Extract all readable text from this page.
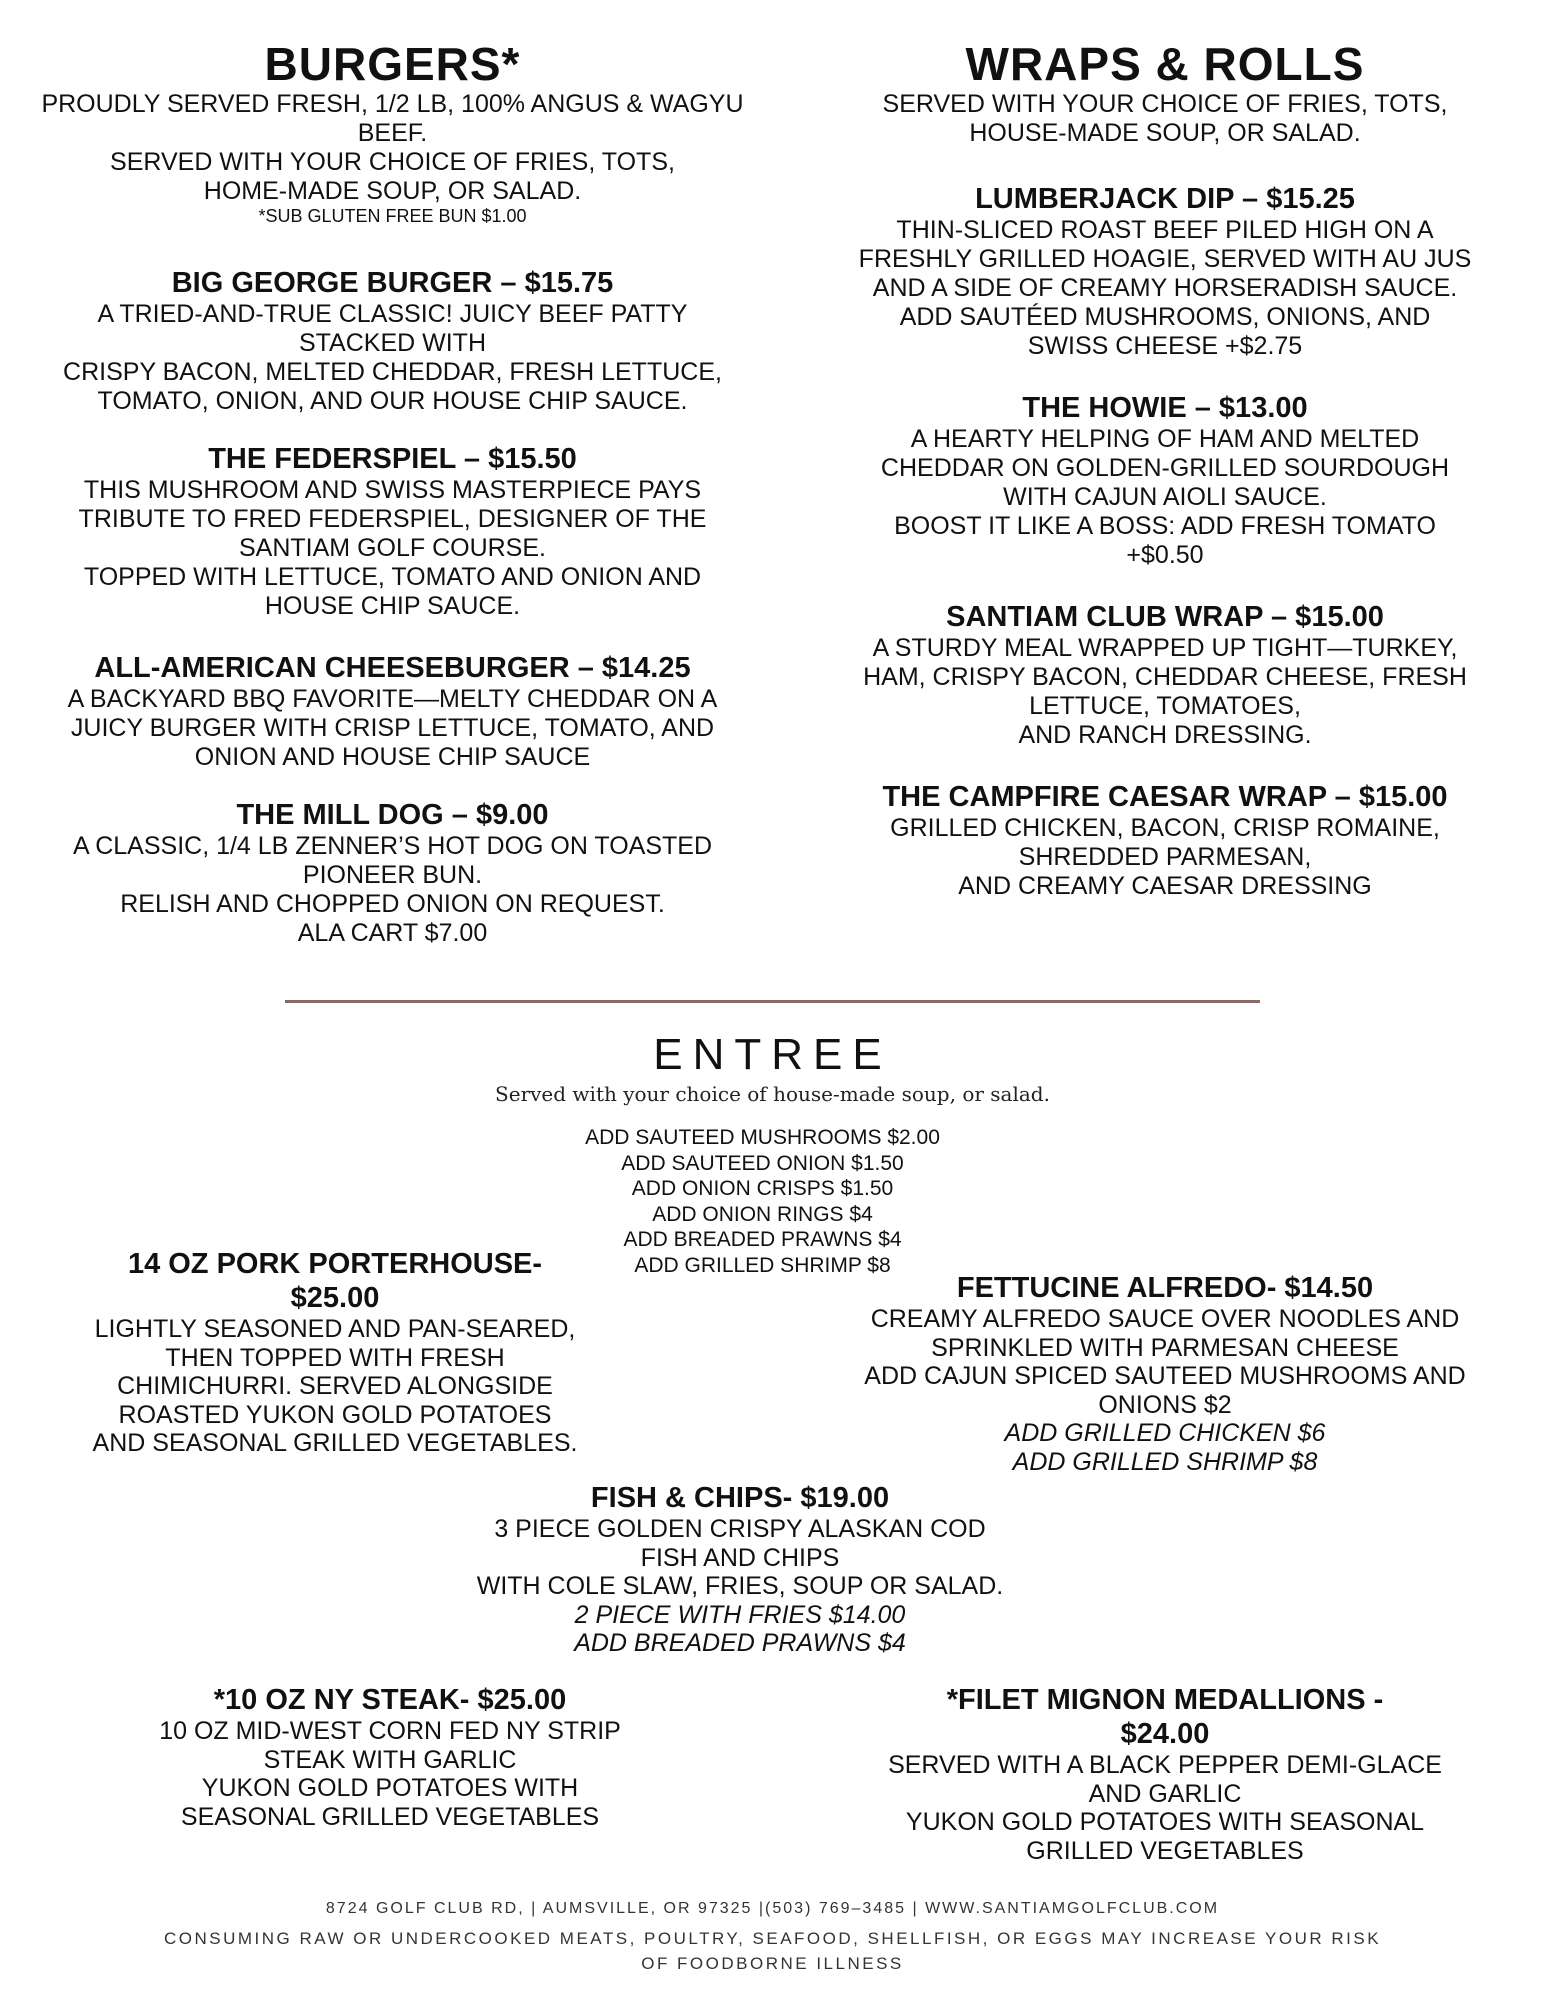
BURGERS*
PROUDLY SERVED FRESH, 1/2 LB, 100% ANGUS & WAGYU
BEEF.
SERVED WITH YOUR CHOICE OF FRIES, TOTS,
HOME-MADE SOUP, OR SALAD.
*SUB GLUTEN FREE BUN $1.00
BIG GEORGE BURGER – $15.75
A TRIED-AND-TRUE CLASSIC! JUICY BEEF PATTY
STACKED WITH
CRISPY BACON, MELTED CHEDDAR, FRESH LETTUCE,
TOMATO, ONION, AND OUR HOUSE CHIP SAUCE.
THE FEDERSPIEL – $15.50
THIS MUSHROOM AND SWISS MASTERPIECE PAYS
TRIBUTE TO FRED FEDERSPIEL, DESIGNER OF THE
SANTIAM GOLF COURSE.
TOPPED WITH LETTUCE, TOMATO AND ONION AND
HOUSE CHIP SAUCE.
ALL-AMERICAN CHEESEBURGER – $14.25
A BACKYARD BBQ FAVORITE—MELTY CHEDDAR ON A
JUICY BURGER WITH CRISP LETTUCE, TOMATO, AND
ONION AND HOUSE CHIP SAUCE
THE MILL DOG – $9.00
A CLASSIC, 1/4 LB ZENNER’S HOT DOG ON TOASTED
PIONEER BUN.
RELISH AND CHOPPED ONION ON REQUEST.
ALA CART $7.00
WRAPS & ROLLS
SERVED WITH YOUR CHOICE OF FRIES, TOTS,
HOUSE-MADE SOUP, OR SALAD.
LUMBERJACK DIP – $15.25
THIN-SLICED ROAST BEEF PILED HIGH ON A
FRESHLY GRILLED HOAGIE, SERVED WITH AU JUS
AND A SIDE OF CREAMY HORSERADISH SAUCE.
ADD SAUTÉED MUSHROOMS, ONIONS, AND
SWISS CHEESE +$2.75
THE HOWIE – $13.00
A HEARTY HELPING OF HAM AND MELTED
CHEDDAR ON GOLDEN-GRILLED SOURDOUGH
WITH CAJUN AIOLI SAUCE.
BOOST IT LIKE A BOSS: ADD FRESH TOMATO
+$0.50
SANTIAM CLUB WRAP – $15.00
A STURDY MEAL WRAPPED UP TIGHT—TURKEY,
HAM, CRISPY BACON, CHEDDAR CHEESE, FRESH
LETTUCE, TOMATOES,
AND RANCH DRESSING.
THE CAMPFIRE CAESAR WRAP – $15.00
GRILLED CHICKEN, BACON, CRISP ROMAINE,
SHREDDED PARMESAN,
AND CREAMY CAESAR DRESSING
ENTREE
Served with your choice of house-made soup, or salad.
ADD SAUTEED MUSHROOMS $2.00
ADD SAUTEED ONION $1.50
ADD ONION CRISPS $1.50
ADD ONION RINGS $4
ADD BREADED PRAWNS $4
ADD GRILLED SHRIMP $8
14 OZ PORK PORTERHOUSE-
$25.00
LIGHTLY SEASONED AND PAN-SEARED,
THEN TOPPED WITH FRESH
CHIMICHURRI. SERVED ALONGSIDE
ROASTED YUKON GOLD POTATOES
AND SEASONAL GRILLED VEGETABLES.
FETTUCINE ALFREDO- $14.50
CREAMY ALFREDO SAUCE OVER NOODLES AND
SPRINKLED WITH PARMESAN CHEESE
ADD CAJUN SPICED SAUTEED MUSHROOMS AND
ONIONS $2
ADD GRILLED CHICKEN $6
ADD GRILLED SHRIMP $8
FISH & CHIPS- $19.00
3 PIECE GOLDEN CRISPY ALASKAN COD
FISH AND CHIPS
WITH COLE SLAW, FRIES, SOUP OR SALAD.
2 PIECE WITH FRIES $14.00
ADD BREADED PRAWNS $4
*10 OZ NY STEAK- $25.00
10 OZ MID-WEST CORN FED NY STRIP
STEAK WITH GARLIC
YUKON GOLD POTATOES WITH
SEASONAL GRILLED VEGETABLES
*FILET MIGNON MEDALLIONS -
$24.00
SERVED WITH A BLACK PEPPER DEMI-GLACE
AND GARLIC
YUKON GOLD POTATOES WITH SEASONAL
GRILLED VEGETABLES
8724 GOLF CLUB RD, | AUMSVILLE, OR 97325 |(503) 769–3485 | WWW.SANTIAMGOLFCLUB.COM
CONSUMING RAW OR UNDERCOOKED MEATS, POULTRY, SEAFOOD, SHELLFISH, OR EGGS MAY INCREASE YOUR RISK
OF FOODBORNE ILLNESS
